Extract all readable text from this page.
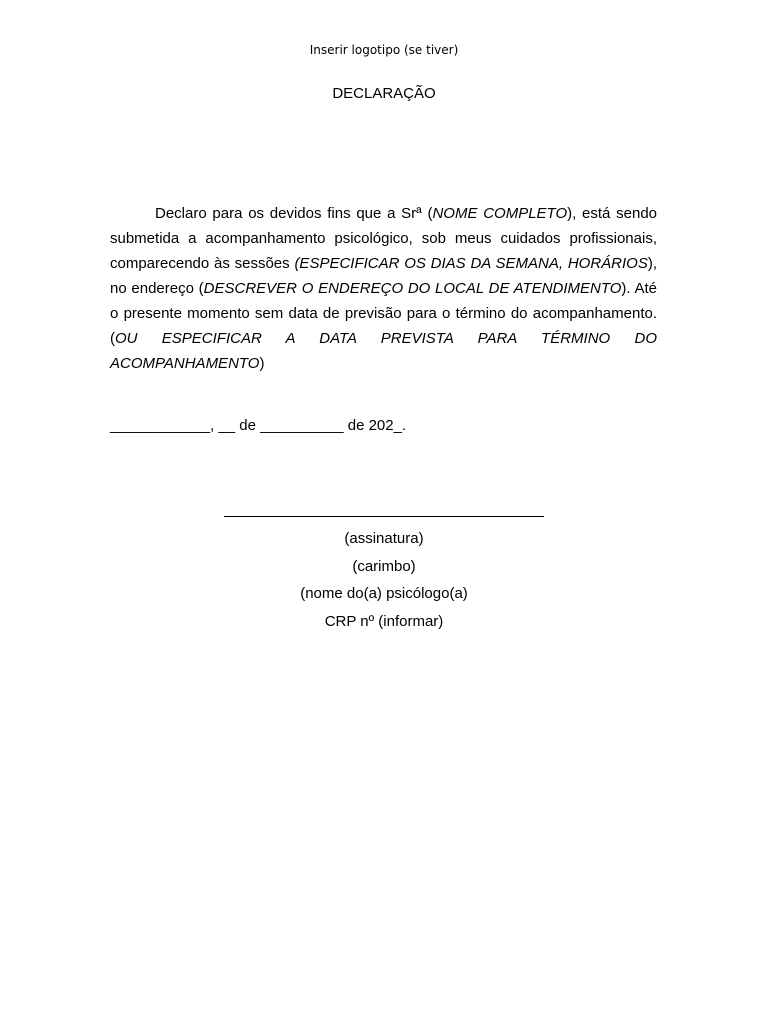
Inserir logotipo (se tiver)
DECLARAÇÃO

Declaro para os devidos fins que a Srª (NOME COMPLETO), está sendo submetida a acompanhamento psicológico, sob meus cuidados profissionais, comparecendo às sessões (ESPECIFICAR OS DIAS DA SEMANA, HORÁRIOS), no endereço (DESCREVER O ENDEREÇO DO LOCAL DE ATENDIMENTO). Até o presente momento sem data de previsão para o término do acompanhamento. (OU ESPECIFICAR A DATA PREVISTA PARA TÉRMINO DO ACOMPANHAMENTO)

____________, __ de __________ de 202_.
(assinatura)
(carimbo)
(nome do(a) psicólogo(a)
CRP nº (informar)
